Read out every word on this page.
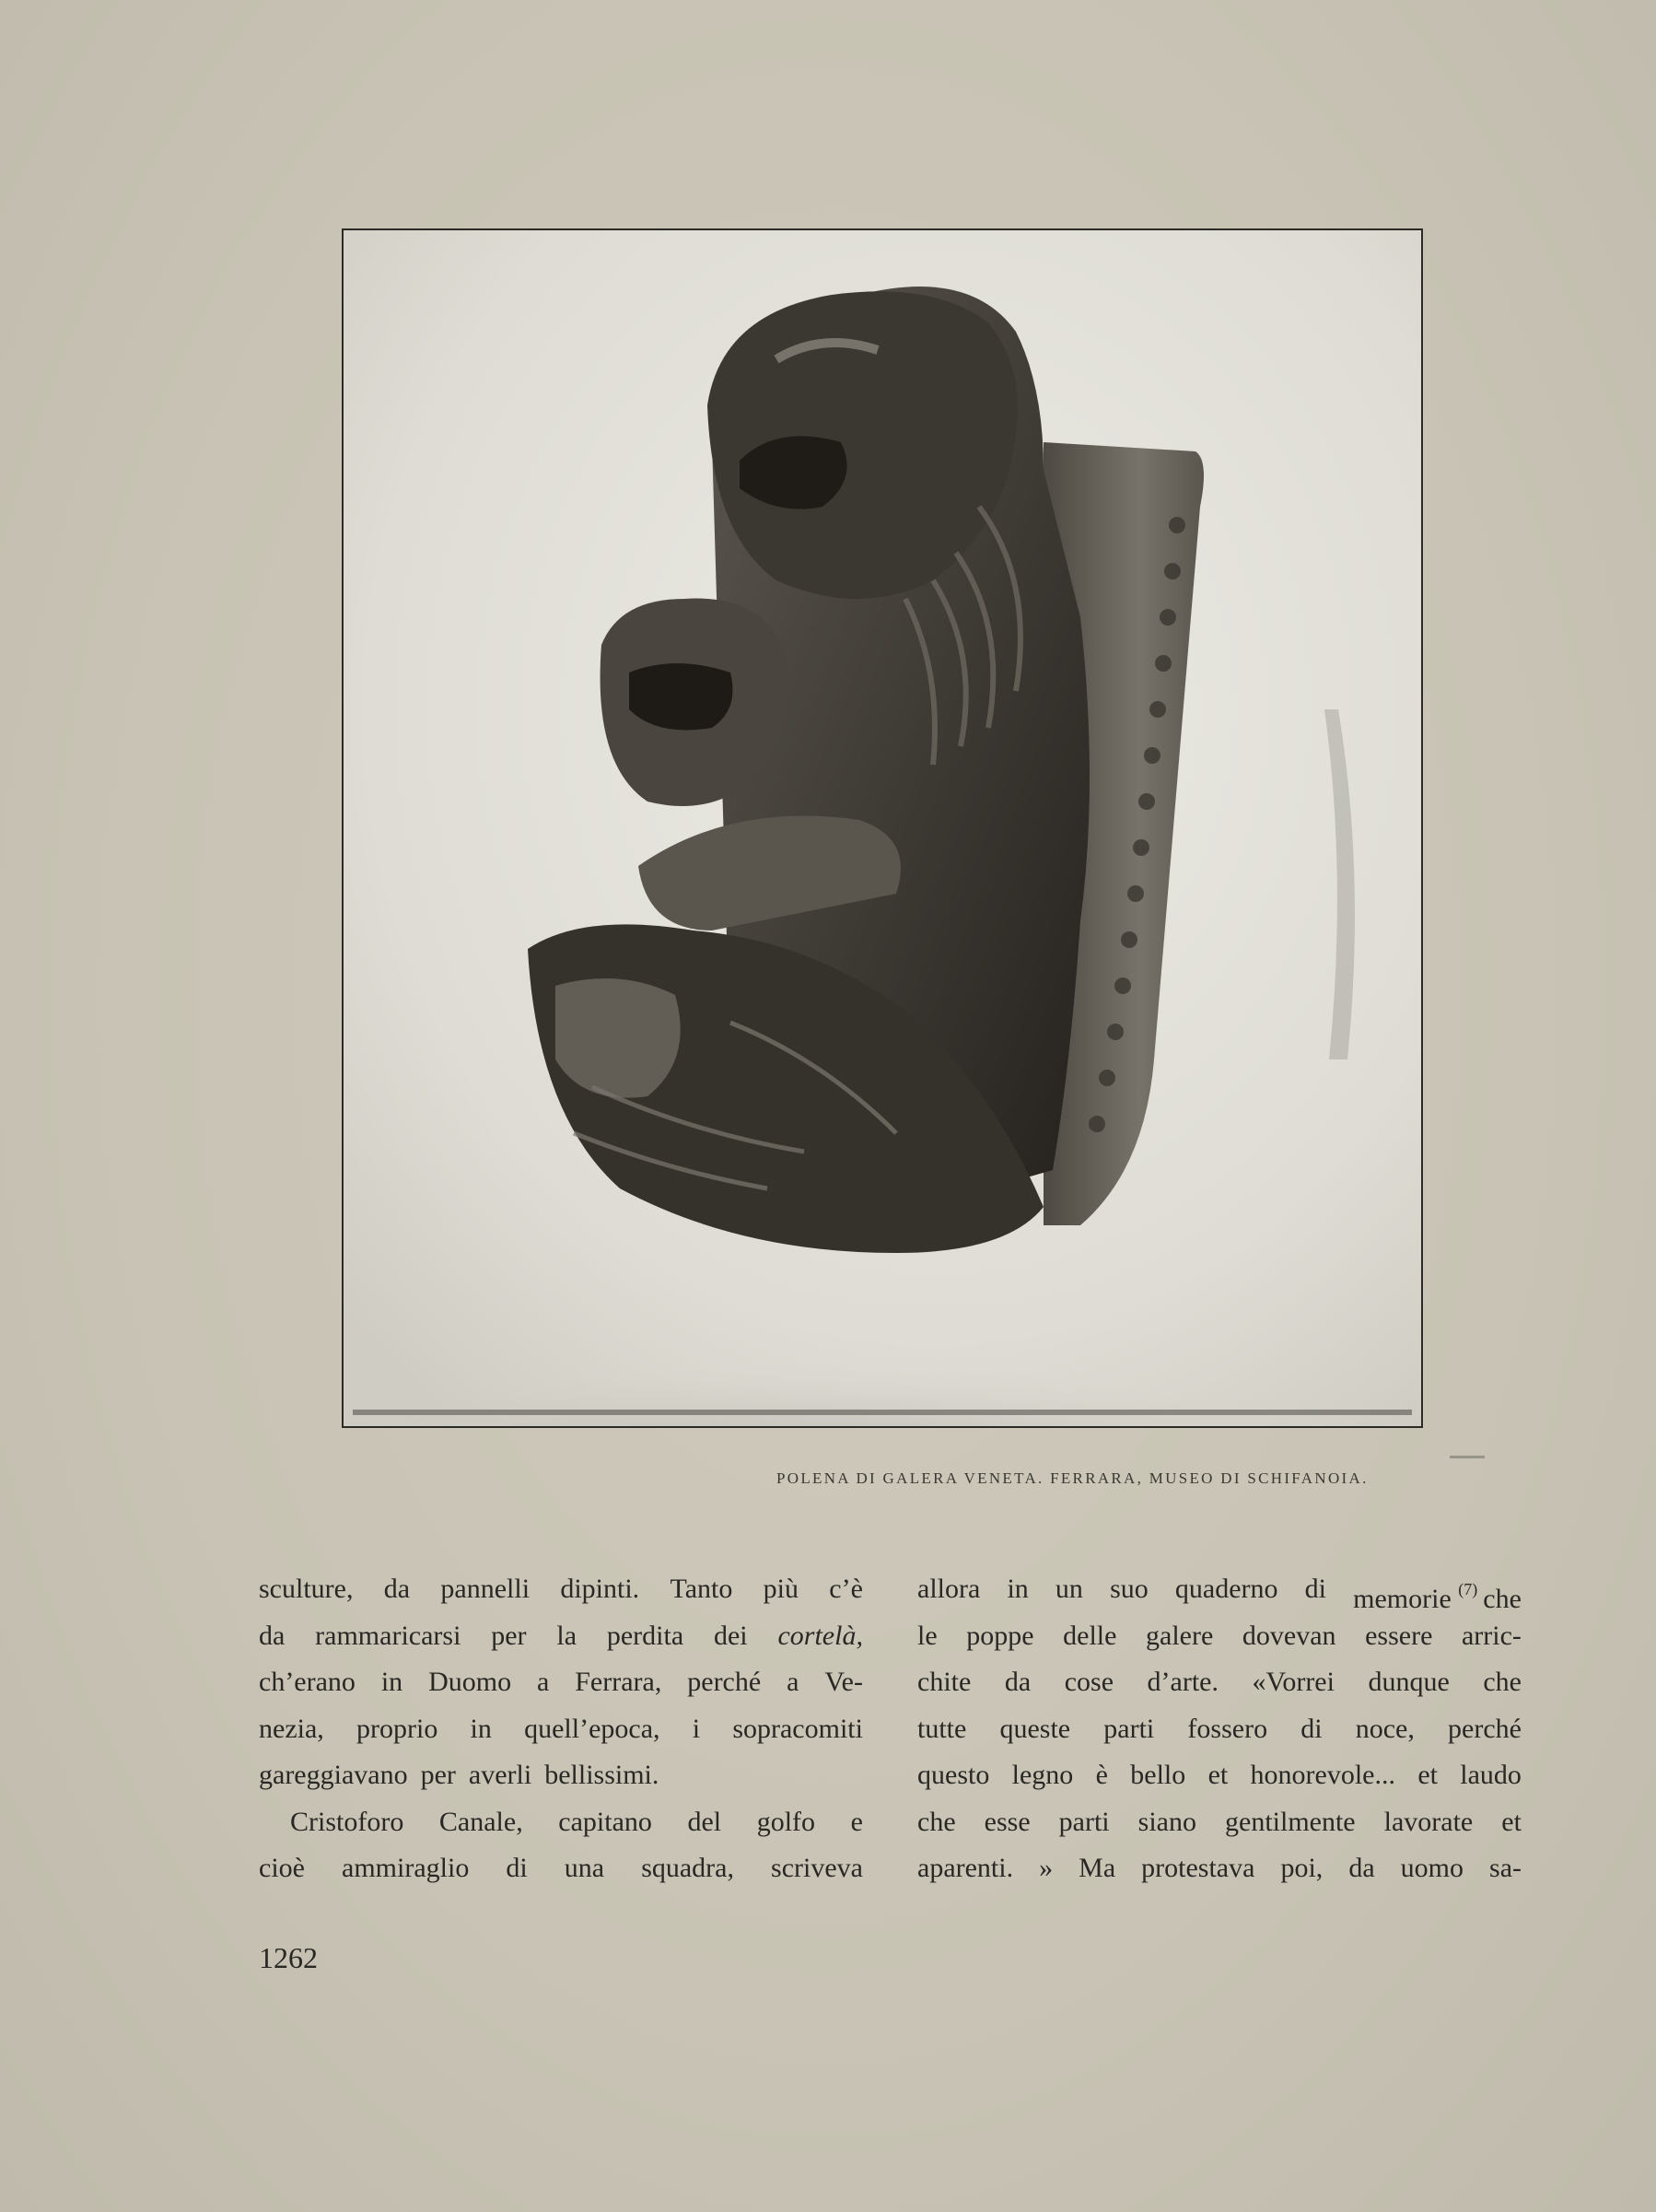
POLENA DI GALERA VENETA. FERRARA, MUSEO DI SCHIFANOIA.
sculture, da pannelli dipinti. Tanto più c’è
da rammaricarsi per la perdita dei cortelà,
ch’erano in Duomo a Ferrara, perché a Ve-
nezia, proprio in quell’epoca, i sopracomiti
gareggiavano per averli bellissimi.
Cristoforo Canale, capitano del golfo e
cioè ammiraglio di una squadra, scriveva
allora in un suo quaderno di memorie $^{(7)}$ che
le poppe delle galere dovevan essere arric-
chite da cose d’arte. «Vorrei dunque che
tutte queste parti fossero di noce, perché
questo legno è bello et honorevole... et laudo
che esse parti siano gentilmente lavorate et
aparenti. » Ma protestava poi, da uomo sa-
1262
